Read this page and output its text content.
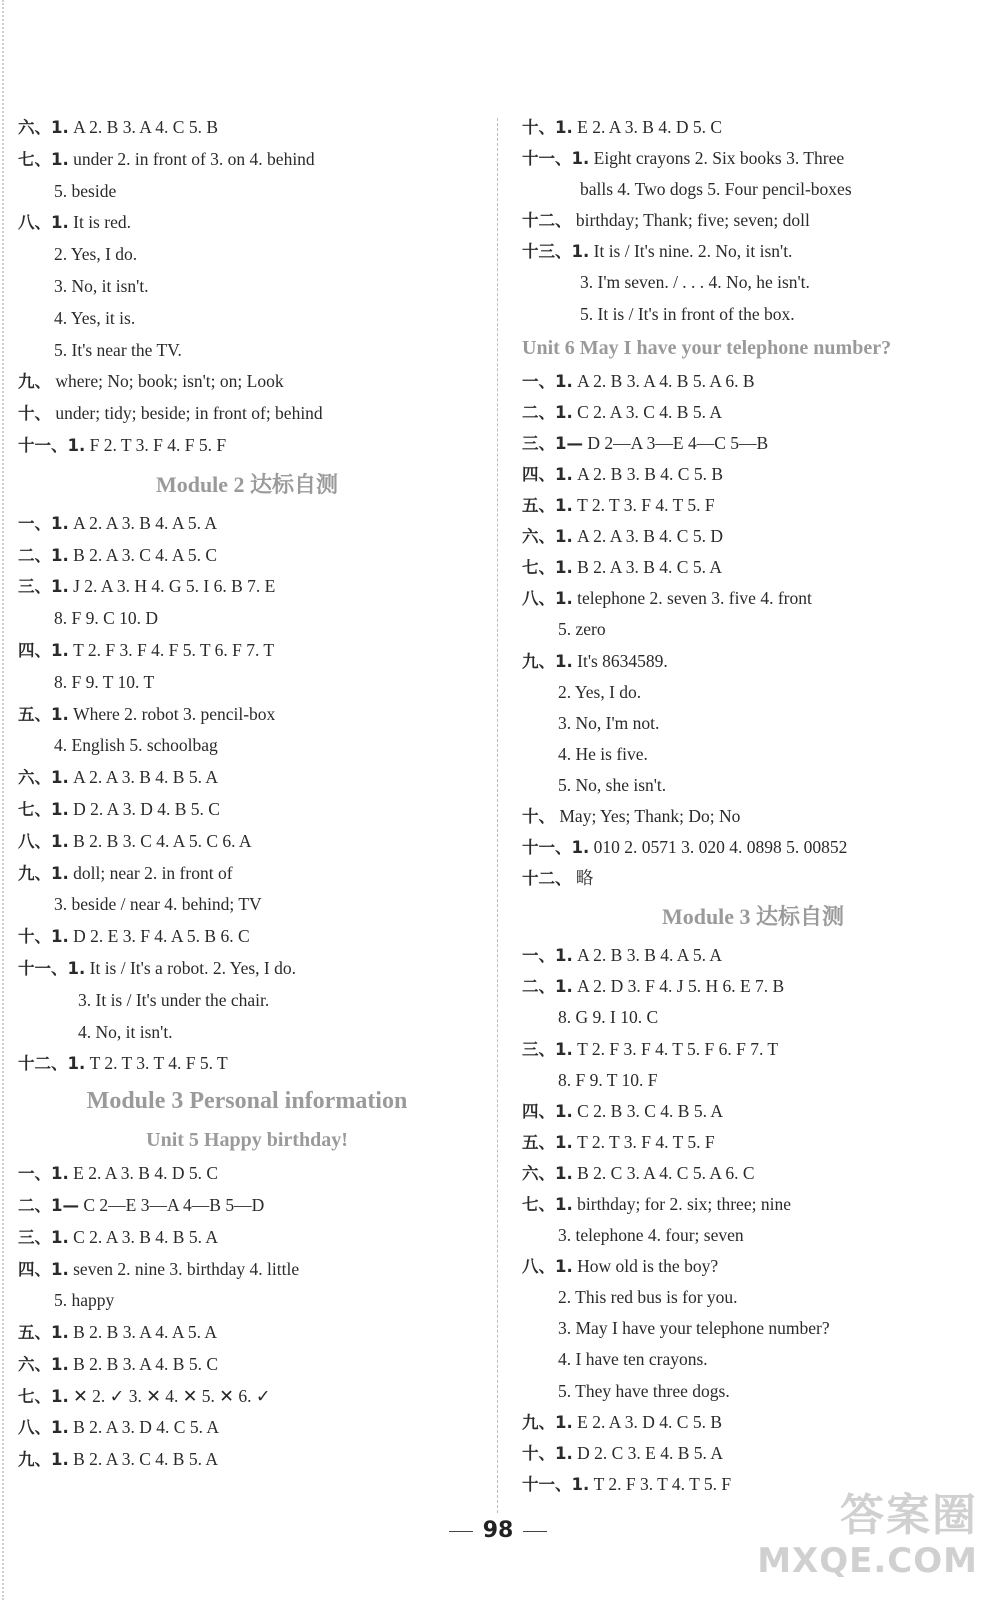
六、1. A 2. B 3. A 4. C 5. B
七、1. under 2. in front of 3. on 4. behind
5. beside
八、1. It is red.
2. Yes, I do.
3. No, it isn't.
4. Yes, it is.
5. It's near the TV.
九、 where; No; book; isn't; on; Look
十、 under; tidy; beside; in front of; behind
十一、1. F 2. T 3. F 4. F 5. F
Module 2 达标自测
一、1. A 2. A 3. B 4. A 5. A
二、1. B 2. A 3. C 4. A 5. C
三、1. J 2. A 3. H 4. G 5. I 6. B 7. E
8. F 9. C 10. D
四、1. T 2. F 3. F 4. F 5. T 6. F 7. T
8. F 9. T 10. T
五、1. Where 2. robot 3. pencil-box
4. English 5. schoolbag
六、1. A 2. A 3. B 4. B 5. A
七、1. D 2. A 3. D 4. B 5. C
八、1. B 2. B 3. C 4. A 5. C 6. A
九、1. doll; near 2. in front of
3. beside / near 4. behind; TV
十、1. D 2. E 3. F 4. A 5. B 6. C
十一、1. It is / It's a robot. 2. Yes, I do.
3. It is / It's under the chair.
4. No, it isn't.
十二、1. T 2. T 3. T 4. F 5. T
Module 3 Personal information
Unit 5 Happy birthday!
一、1. E 2. A 3. B 4. D 5. C
二、1— C 2—E 3—A 4—B 5—D
三、1. C 2. A 3. B 4. B 5. A
四、1. seven 2. nine 3. birthday 4. little
5. happy
五、1. B 2. B 3. A 4. A 5. A
六、1. B 2. B 3. A 4. B 5. C
七、1. ✕ 2. ✓ 3. ✕ 4. ✕ 5. ✕ 6. ✓
八、1. B 2. A 3. D 4. C 5. A
九、1. B 2. A 3. C 4. B 5. A
十、1. E 2. A 3. B 4. D 5. C
十一、1. Eight crayons 2. Six books 3. Three
balls 4. Two dogs 5. Four pencil-boxes
十二、 birthday; Thank; five; seven; doll
十三、1. It is / It's nine. 2. No, it isn't.
3. I'm seven. / . . . 4. No, he isn't.
5. It is / It's in front of the box.
Unit 6 May I have your telephone number?
一、1. A 2. B 3. A 4. B 5. A 6. B
二、1. C 2. A 3. C 4. B 5. A
三、1— D 2—A 3—E 4—C 5—B
四、1. A 2. B 3. B 4. C 5. B
五、1. T 2. T 3. F 4. T 5. F
六、1. A 2. A 3. B 4. C 5. D
七、1. B 2. A 3. B 4. C 5. A
八、1. telephone 2. seven 3. five 4. front
5. zero
九、1. It's 8634589.
2. Yes, I do.
3. No, I'm not.
4. He is five.
5. No, she isn't.
十、 May; Yes; Thank; Do; No
十一、1. 010 2. 0571 3. 020 4. 0898 5. 00852
十二、 略
Module 3 达标自测
一、1. A 2. B 3. B 4. A 5. A
二、1. A 2. D 3. F 4. J 5. H 6. E 7. B
8. G 9. I 10. C
三、1. T 2. F 3. F 4. T 5. F 6. F 7. T
8. F 9. T 10. F
四、1. C 2. B 3. C 4. B 5. A
五、1. T 2. T 3. F 4. T 5. F
六、1. B 2. C 3. A 4. C 5. A 6. C
七、1. birthday; for 2. six; three; nine
3. telephone 4. four; seven
八、1. How old is the boy?
2. This red bus is for you.
3. May I have your telephone number?
4. I have ten crayons.
5. They have three dogs.
九、1. E 2. A 3. D 4. C 5. B
十、1. D 2. C 3. E 4. B 5. A
十一、1. T 2. F 3. T 4. T 5. F
98	答案圈
MXQE.COM
